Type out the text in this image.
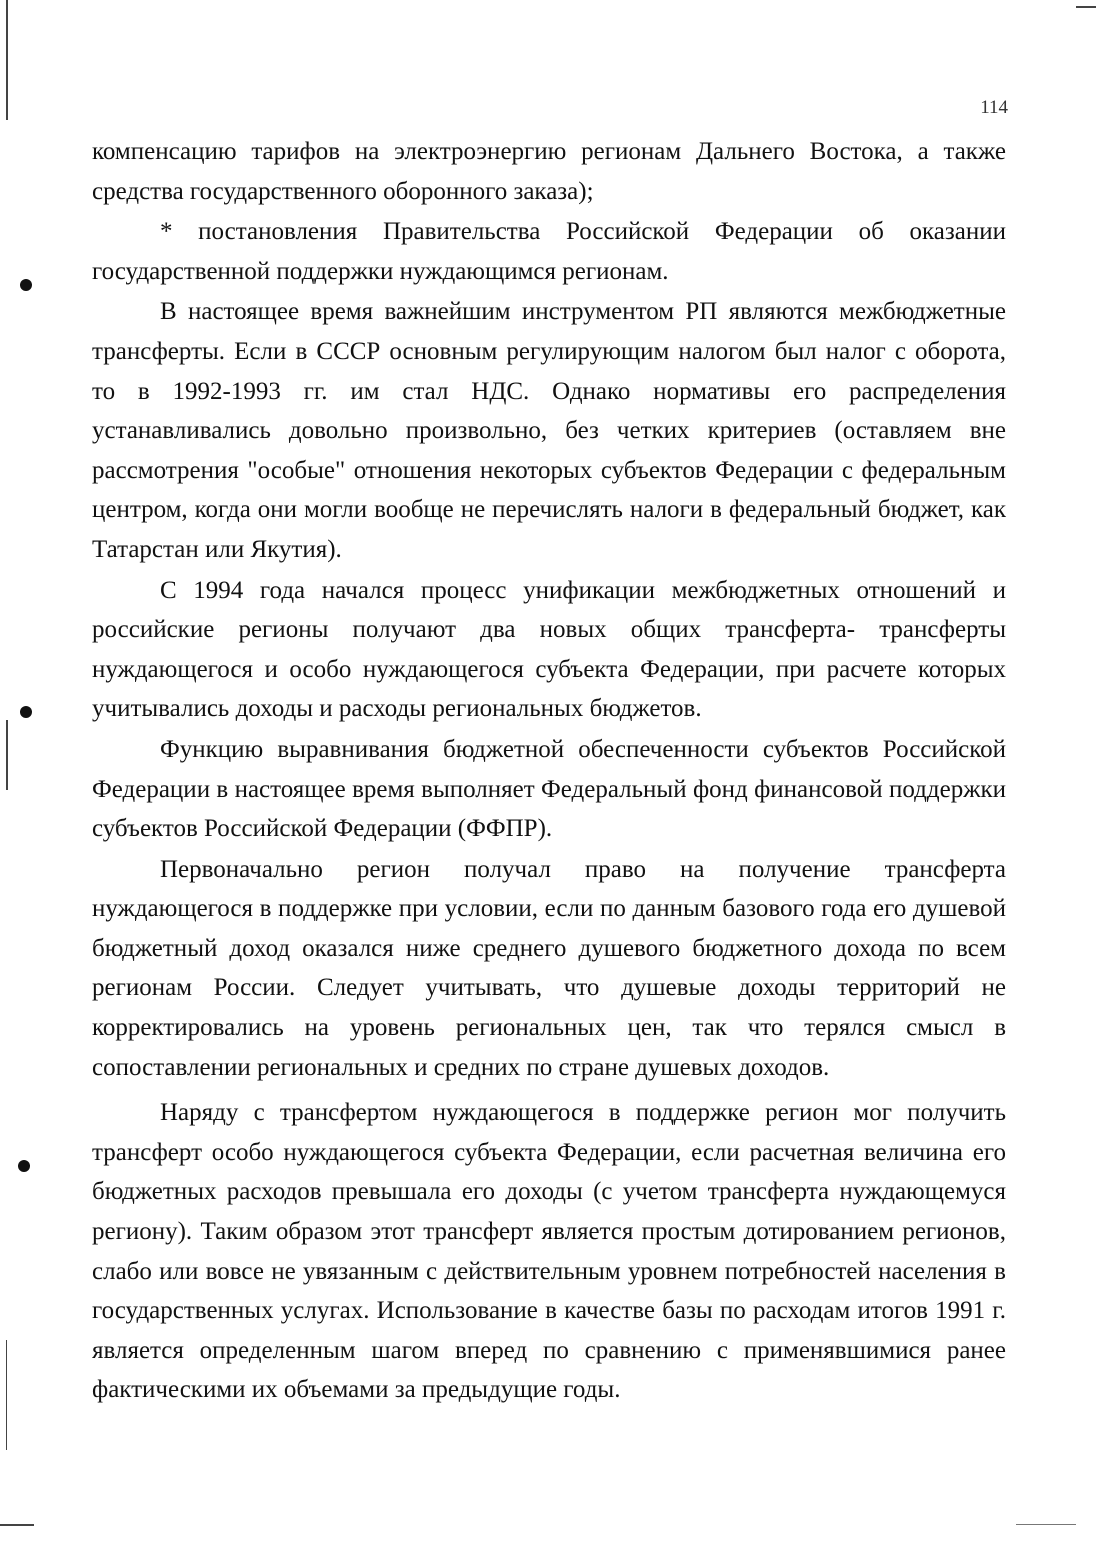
114

компенсацию тарифов на электроэнергию регионам Дальнего Востока, а также средства государственного оборонного заказа);

* постановления Правительства Российской Федерации об оказании государственной поддержки нуждающимся регионам.

В настоящее время важнейшим инструментом РП являются межбюджетные трансферты. Если в СССР основным регулирующим налогом был налог с оборота, то в 1992-1993 гг. им стал НДС. Однако нормативы его распределения устанавливались довольно произвольно, без четких критериев (оставляем вне рассмотрения "особые" отношения некоторых субъектов Федерации с федеральным центром, когда они могли вообще не перечислять налоги в федеральный бюджет, как Татарстан или Якутия).

С 1994 года начался процесс унификации межбюджетных отношений и российские регионы получают два новых общих трансферта- трансферты нуждающегося и особо нуждающегося субъекта Федерации, при расчете которых учитывались доходы и расходы региональных бюджетов.

Функцию выравнивания бюджетной обеспеченности субъектов Российской Федерации в настоящее время выполняет Федеральный фонд финансовой поддержки субъектов Российской Федерации (ФФПР).

Первоначально регион получал право на получение трансферта нуждающегося в поддержке при условии, если по данным базового года его душевой бюджетный доход оказался ниже среднего душевого бюджетного дохода по всем регионам России. Следует учитывать, что душевые доходы территорий не корректировались на уровень региональных цен, так что терялся смысл в сопоставлении региональных и средних по стране душевых доходов.

Наряду с трансфертом нуждающегося в поддержке регион мог получить трансферт особо нуждающегося субъекта Федерации, если расчетная величина его бюджетных расходов превышала его доходы (с учетом трансферта нуждающемуся региону). Таким образом этот трансферт является простым дотированием регионов, слабо или вовсе не увязанным с действительным уровнем потребностей населения в государственных услугах. Использование в качестве базы по расходам итогов 1991 г. является определенным шагом вперед по сравнению с применявшимися ранее фактическими их объемами за предыдущие годы.
